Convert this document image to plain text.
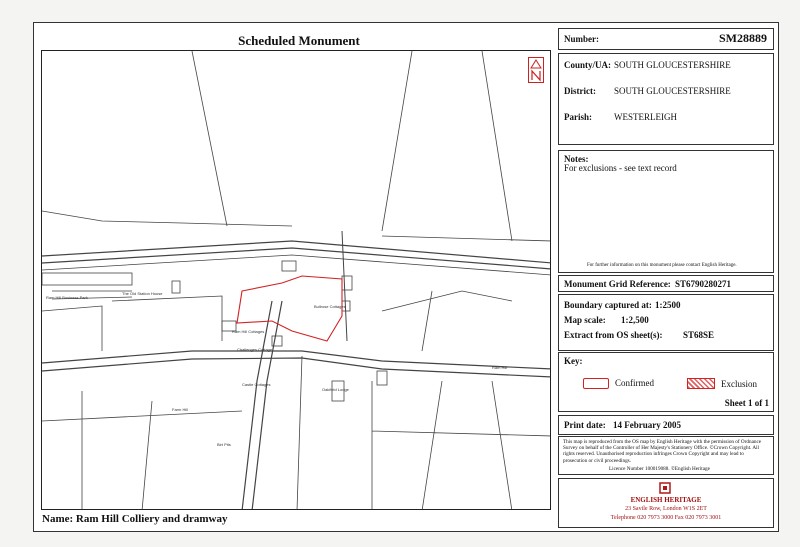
Scheduled Monument
Ram Hill Business Park
The Old Station House
Bullrose Cottages
Challenges Cottage
Ram Hill Cottages
Castle Cottages
Oakfield Lodge
Farm Hill
Birt Pits
Ram Hill
Name: Ram Hill Colliery and dramway
Number:	SM28889
County/UA: SOUTH GLOUCESTERSHIRE
District: SOUTH GLOUCESTERSHIRE
Parish: WESTERLEIGH
Notes:
For exclusions - see text record
For further information on this monument please contact English Heritage.
Monument Grid Reference: ST6790280271
Boundary captured at: 1:2500
Map scale: 1:2,500
Extract from OS sheet(s): ST68SE
Key:
Confirmed	Exclusion
Sheet 1 of 1
Print date: 14 February 2005
This map is reproduced from the OS map by English Heritage with the permission of Ordnance Survey on behalf of the Controller of Her Majesty's Stationery Office. ©Crown Copyright. All rights reserved. Unauthorised reproduction infringes Crown Copyright and may lead to prosecution or civil proceedings.
Licence Number 100019088. ©English Heritage
ENGLISH HERITAGE
23 Savile Row, London W1S 2ET
Telephone 020 7973 3000 Fax 020 7973 3001
